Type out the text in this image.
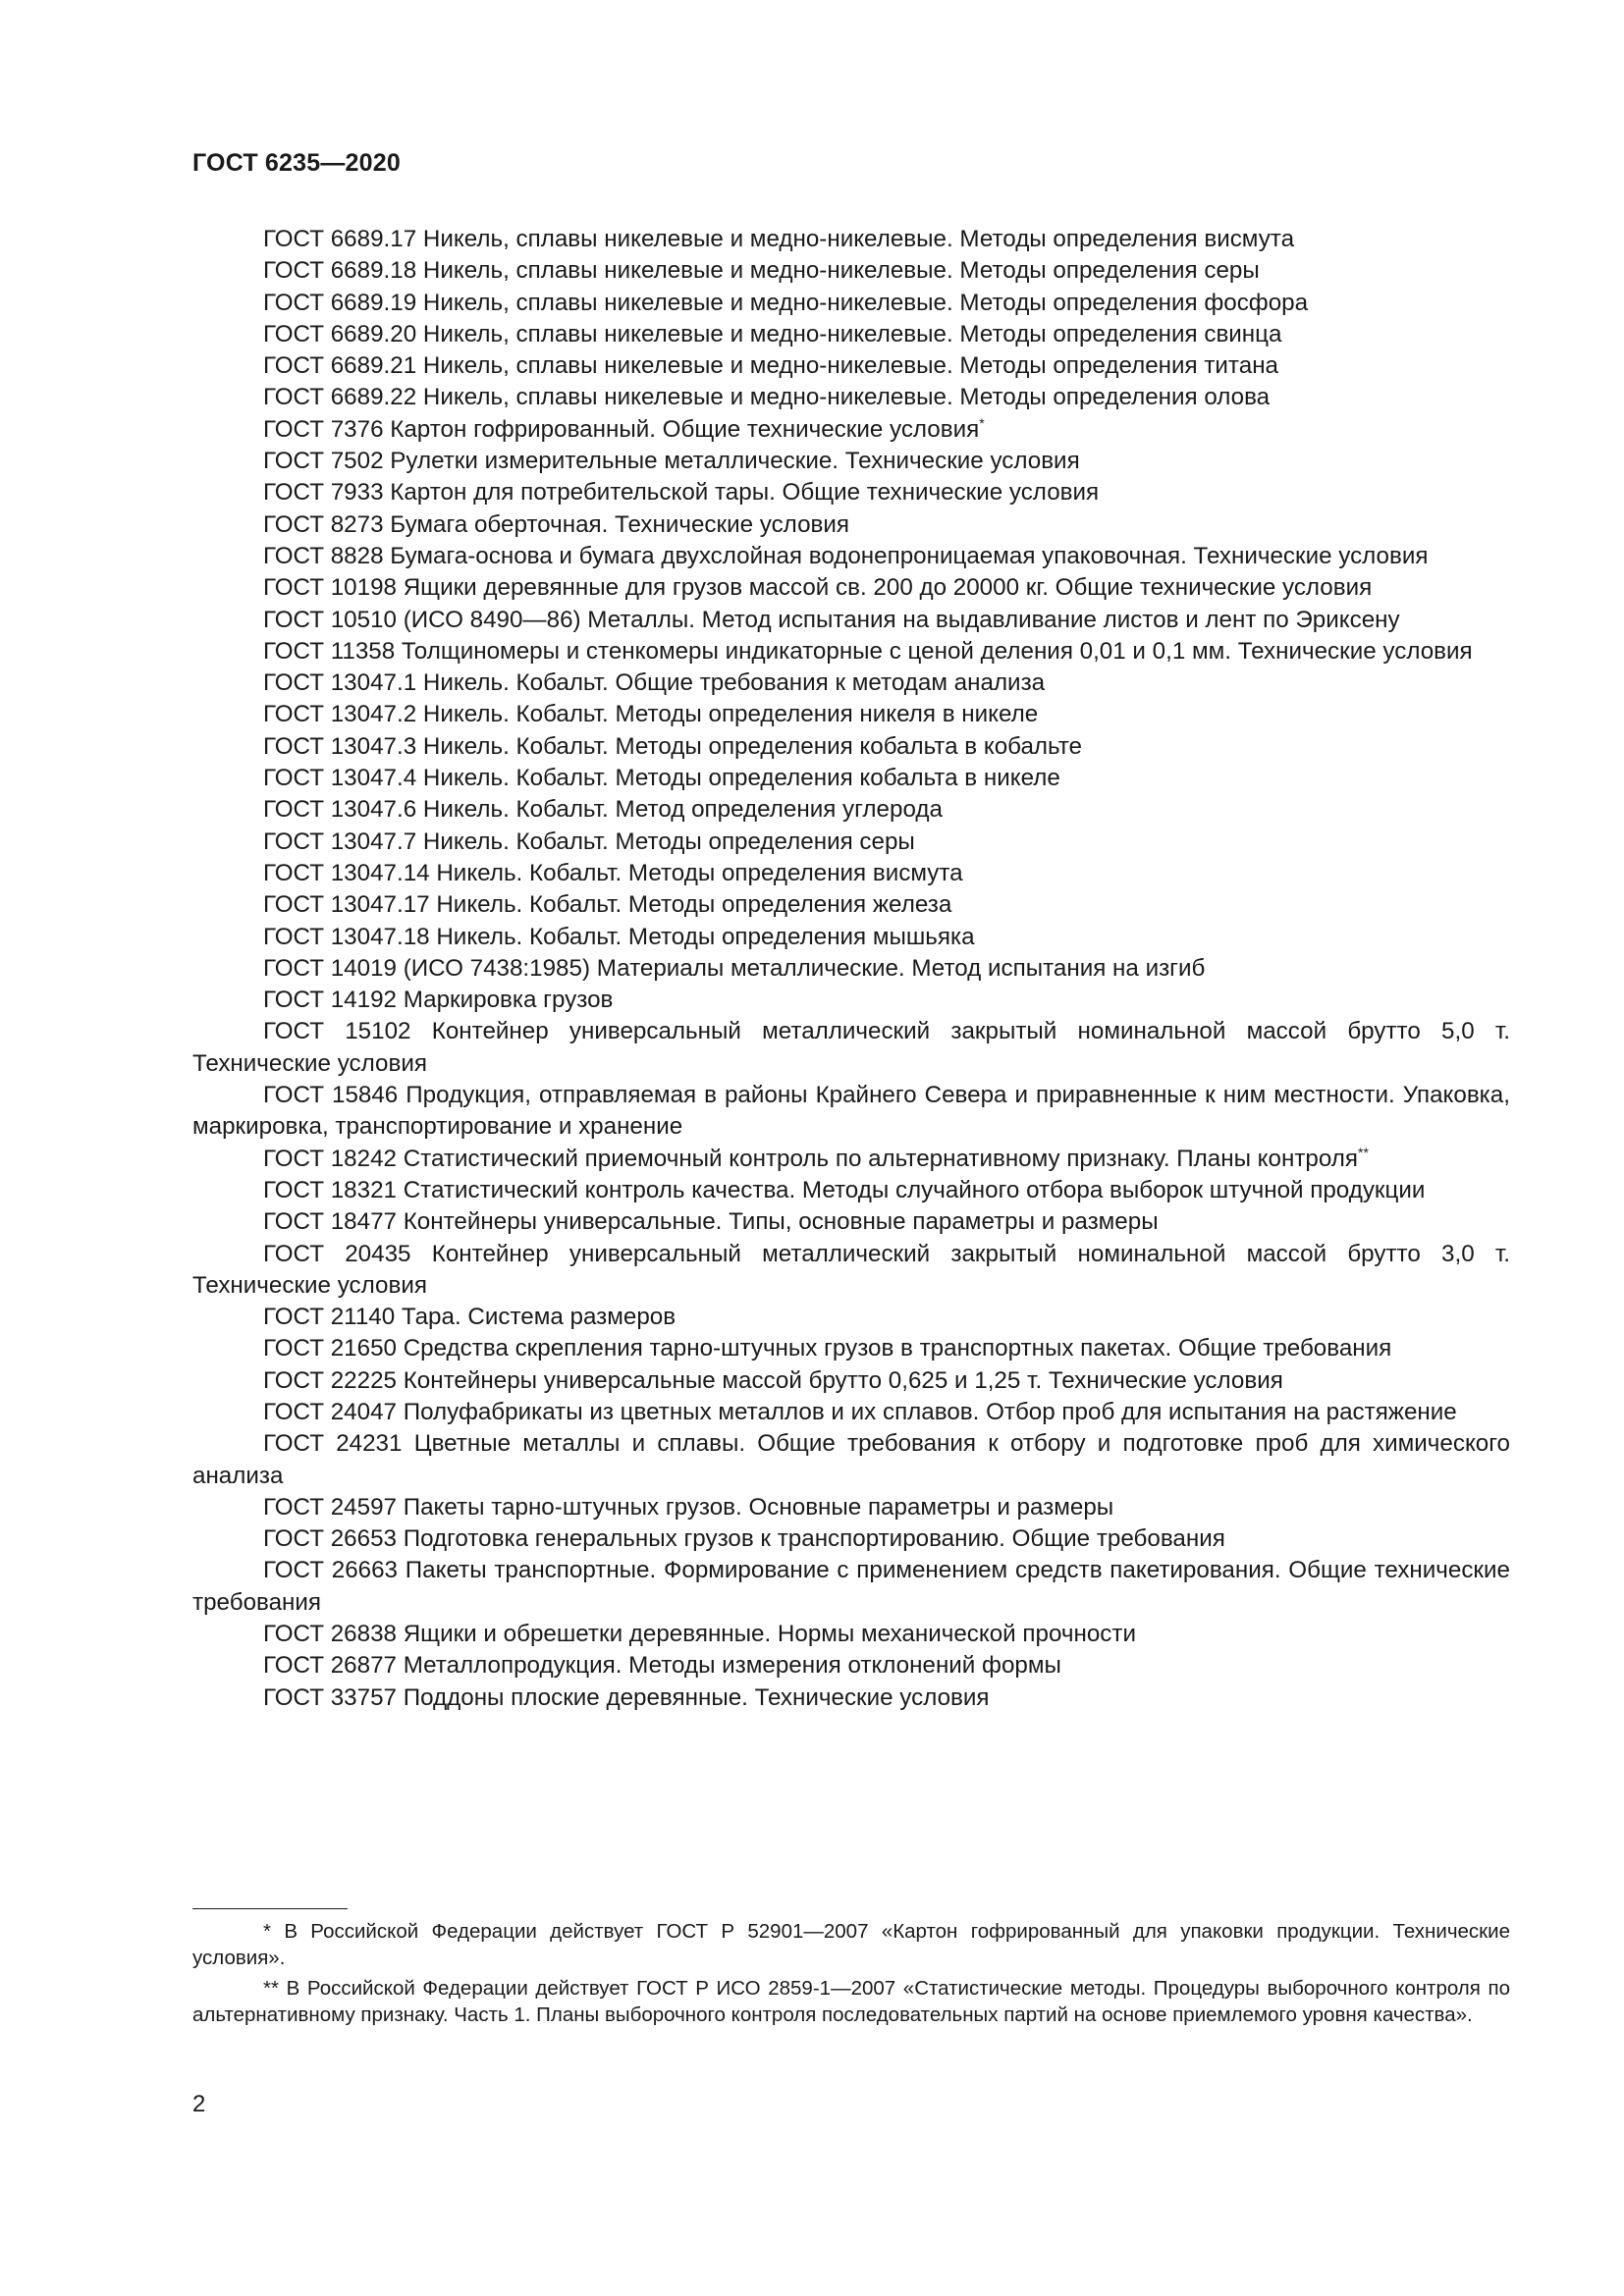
ГОСТ 6235—2020

ГОСТ 6689.17 Никель, сплавы никелевые и медно-никелевые. Методы определения висмута

ГОСТ 6689.18 Никель, сплавы никелевые и медно-никелевые. Методы определения серы

ГОСТ 6689.19 Никель, сплавы никелевые и медно-никелевые. Методы определения фосфора

ГОСТ 6689.20 Никель, сплавы никелевые и медно-никелевые. Методы определения свинца

ГОСТ 6689.21 Никель, сплавы никелевые и медно-никелевые. Методы определения титана

ГОСТ 6689.22 Никель, сплавы никелевые и медно-никелевые. Методы определения олова

ГОСТ 7376 Картон гофрированный. Общие технические условия*

ГОСТ 7502 Рулетки измерительные металлические. Технические условия

ГОСТ 7933 Картон для потребительской тары. Общие технические условия

ГОСТ 8273 Бумага оберточная. Технические условия

ГОСТ 8828 Бумага-основа и бумага двухслойная водонепроницаемая упаковочная. Технические условия

ГОСТ 10198 Ящики деревянные для грузов массой св. 200 до 20000 кг. Общие технические условия

ГОСТ 10510 (ИСО 8490—86) Металлы. Метод испытания на выдавливание листов и лент по Эриксену

ГОСТ 11358 Толщиномеры и стенкомеры индикаторные с ценой деления 0,01 и 0,1 мм. Технические условия

ГОСТ 13047.1 Никель. Кобальт. Общие требования к методам анализа

ГОСТ 13047.2 Никель. Кобальт. Методы определения никеля в никеле

ГОСТ 13047.3 Никель. Кобальт. Методы определения кобальта в кобальте

ГОСТ 13047.4 Никель. Кобальт. Методы определения кобальта в никеле

ГОСТ 13047.6 Никель. Кобальт. Метод определения углерода

ГОСТ 13047.7 Никель. Кобальт. Методы определения серы

ГОСТ 13047.14 Никель. Кобальт. Методы определения висмута

ГОСТ 13047.17 Никель. Кобальт. Методы определения железа

ГОСТ 13047.18 Никель. Кобальт. Методы определения мышьяка

ГОСТ 14019 (ИСО 7438:1985) Материалы металлические. Метод испытания на изгиб

ГОСТ 14192 Маркировка грузов

ГОСТ 15102 Контейнер универсальный металлический закрытый номинальной массой брутто 5,0 т. Технические условия

ГОСТ 15846 Продукция, отправляемая в районы Крайнего Севера и приравненные к ним местности. Упаковка, маркировка, транспортирование и хранение

ГОСТ 18242 Статистический приемочный контроль по альтернативному признаку. Планы контроля**

ГОСТ 18321 Статистический контроль качества. Методы случайного отбора выборок штучной продукции

ГОСТ 18477 Контейнеры универсальные. Типы, основные параметры и размеры

ГОСТ 20435 Контейнер универсальный металлический закрытый номинальной массой брутто 3,0 т. Технические условия

ГОСТ 21140 Тара. Система размеров

ГОСТ 21650 Средства скрепления тарно-штучных грузов в транспортных пакетах. Общие требования

ГОСТ 22225 Контейнеры универсальные массой брутто 0,625 и 1,25 т. Технические условия

ГОСТ 24047 Полуфабрикаты из цветных металлов и их сплавов. Отбор проб для испытания на растяжение

ГОСТ 24231 Цветные металлы и сплавы. Общие требования к отбору и подготовке проб для химического анализа

ГОСТ 24597 Пакеты тарно-штучных грузов. Основные параметры и размеры

ГОСТ 26653 Подготовка генеральных грузов к транспортированию. Общие требования

ГОСТ 26663 Пакеты транспортные. Формирование с применением средств пакетирования. Общие технические требования

ГОСТ 26838 Ящики и обрешетки деревянные. Нормы механической прочности

ГОСТ 26877 Металлопродукция. Методы измерения отклонений формы

ГОСТ 33757 Поддоны плоские деревянные. Технические условия

* В Российской Федерации действует ГОСТ Р 52901—2007 «Картон гофрированный для упаковки продукции. Технические условия».

** В Российской Федерации действует ГОСТ Р ИСО 2859-1—2007 «Статистические методы. Процедуры выборочного контроля по альтернативному признаку. Часть 1. Планы выборочного контроля последовательных партий на основе приемлемого уровня качества».

2
